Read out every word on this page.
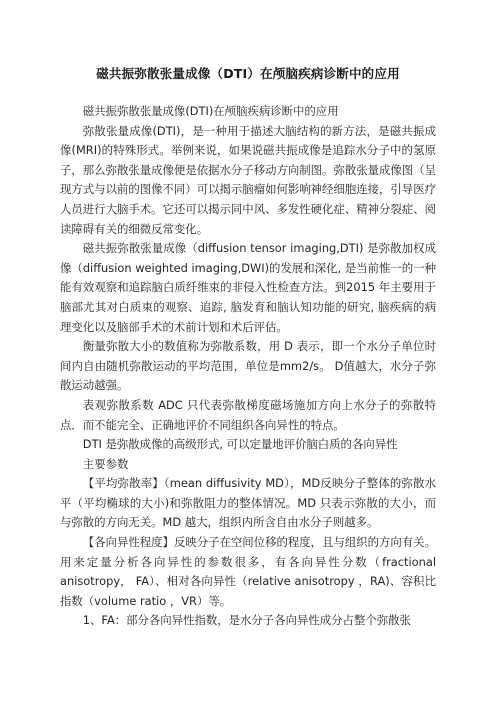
磁共振弥散张量成像（DTI）在颅脑疾病诊断中的应用

磁共振弥散张量成像(DTI)在颅脑疾病诊断中的应用

弥散张量成像(DTI)，是一种用于描述大脑结构的新方法，是磁共振成像(MRI)的特殊形式。举例来说，如果说磁共振成像是追踪水分子中的氢原子，那么弥散张量成像便是依据水分子移动方向制图。弥散张量成像图（呈现方式与以前的图像不同）可以揭示脑瘤如何影响神经细胞连接，引导医疗人员进行大脑手术。它还可以揭示同中风、多发性硬化症、精神分裂症、阅读障碍有关的细微反常变化。

磁共振弥散张量成像（diffusion tensor imaging,DTI) 是弥散加权成像（diffusion weighted imaging,DWI)的发展和深化, 是当前惟一的一种能有效观察和追踪脑白质纤维束的非侵入性检查方法。到2015 年主要用于脑部尤其对白质束的观察、追踪, 脑发育和脑认知功能的研究, 脑疾病的病理变化以及脑部手术的术前计划和术后评估。

衡量弥散大小的数值称为弥散系数，用 D 表示，即一个水分子单位时间内自由随机弥散运动的平均范围，单位是mm2/s。 D值越大，水分子弥散运动越强。

表观弥散系数 ADC 只代表弥散梯度磁场施加方向上水分子的弥散特点．而不能完全、正确地评价不同组织各向异性的特点。

DTI 是弥散成像的高级形式, 可以定量地评价脑白质的各向异性

主要参数

【平均弥散率】（mean diffusivity MD），MD反映分子整体的弥散水平（平均椭球的大小)和弥散阻力的整体情况。MD 只表示弥散的大小，而与弥散的方向无关。MD 越大，组织内所含自由水分子则越多。

【各向异性程度】反映分子在空间位移的程度，且与组织的方向有关。用来定量分析各向异性的参数很多，有各向异性分数（fractional anisotropy， FA）、相对各向异性（relative anisotropy ，RA)、容积比指数（volume ratio ，VR）等。

1、FA：部分各向异性指数，是水分子各向异性成分占整个弥散张
